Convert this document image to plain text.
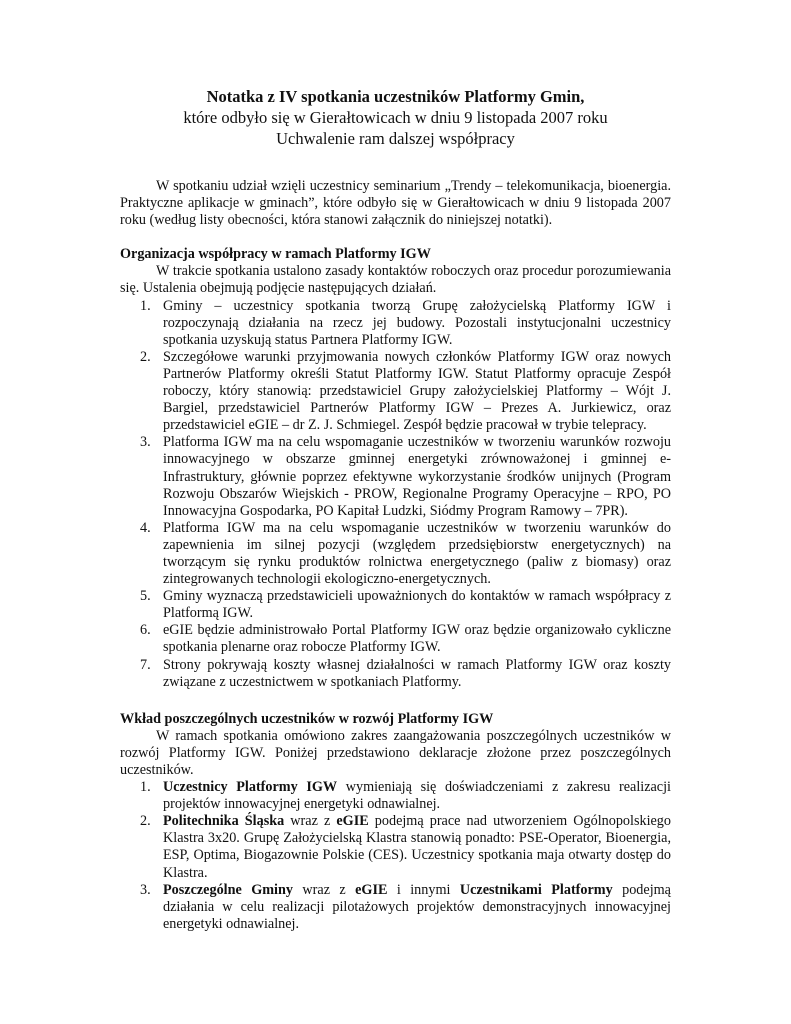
Notatka z IV spotkania uczestników Platformy Gmin,
które odbyło się w Gierałtowicach w dniu 9 listopada 2007 roku
Uchwalenie ram dalszej współpracy

W spotkaniu udział wzięli uczestnicy seminarium „Trendy – telekomunikacja, bioenergia. Praktyczne aplikacje w gminach”, które odbyło się w Gierałtowicach w dniu 9 listopada 2007 roku (według listy obecności, która stanowi załącznik do niniejszej notatki).

Organizacja współpracy w ramach Platformy IGW

W trakcie spotkania ustalono zasady kontaktów roboczych oraz procedur porozumiewania się. Ustalenia obejmują podjęcie następujących działań.

1. Gminy – uczestnicy spotkania tworzą Grupę założycielską Platformy IGW i rozpoczynają działania na rzecz jej budowy. Pozostali instytucjonalni uczestnicy spotkania uzyskują status Partnera Platformy IGW.
2. Szczegółowe warunki przyjmowania nowych członków Platformy IGW oraz nowych Partnerów Platformy określi Statut Platformy IGW. Statut Platformy opracuje Zespół roboczy, który stanowią: przedstawiciel Grupy założycielskiej Platformy – Wójt J. Bargiel, przedstawiciel Partnerów Platformy IGW – Prezes A. Jurkiewicz, oraz przedstawiciel eGIE – dr Z. J. Schmiegel. Zespół będzie pracował w trybie telepracy.
3. Platforma IGW ma na celu wspomaganie uczestników w tworzeniu warunków rozwoju innowacyjnego w obszarze gminnej energetyki zrównoważonej i gminnej e-Infrastruktury, głównie poprzez efektywne wykorzystanie środków unijnych (Program Rozwoju Obszarów Wiejskich - PROW, Regionalne Programy Operacyjne – RPO, PO Innowacyjna Gospodarka, PO Kapitał Ludzki, Siódmy Program Ramowy – 7PR).
4. Platforma IGW ma na celu wspomaganie uczestników w tworzeniu warunków do zapewnienia im silnej pozycji (względem przedsiębiorstw energetycznych) na tworzącym się rynku produktów rolnictwa energetycznego (paliw z biomasy) oraz zintegrowanych technologii ekologiczno-energetycznych.
5. Gminy wyznaczą przedstawicieli upoważnionych do kontaktów w ramach współpracy z Platformą IGW.
6. eGIE będzie administrowało Portal Platformy IGW oraz będzie organizowało cykliczne spotkania plenarne oraz robocze Platformy IGW.
7. Strony pokrywają koszty własnej działalności w ramach Platformy IGW oraz koszty związane z uczestnictwem w spotkaniach Platformy.
Wkład poszczególnych uczestników w rozwój Platformy IGW

W ramach spotkania omówiono zakres zaangażowania poszczególnych uczestników w rozwój Platformy IGW. Poniżej przedstawiono deklaracje złożone przez poszczególnych uczestników.

1. Uczestnicy Platformy IGW wymieniają się doświadczeniami z zakresu realizacji projektów innowacyjnej energetyki odnawialnej.
2. Politechnika Śląska wraz z eGIE podejmą prace nad utworzeniem Ogólnopolskiego Klastra 3x20. Grupę Założycielską Klastra stanowią ponadto: PSE-Operator, Bioenergia, ESP, Optima, Biogazownie Polskie (CES). Uczestnicy spotkania maja otwarty dostęp do Klastra.
3. Poszczególne Gminy wraz z eGIE i innymi Uczestnikami Platformy podejmą działania w celu realizacji pilotażowych projektów demonstracyjnych innowacyjnej energetyki odnawialnej.
